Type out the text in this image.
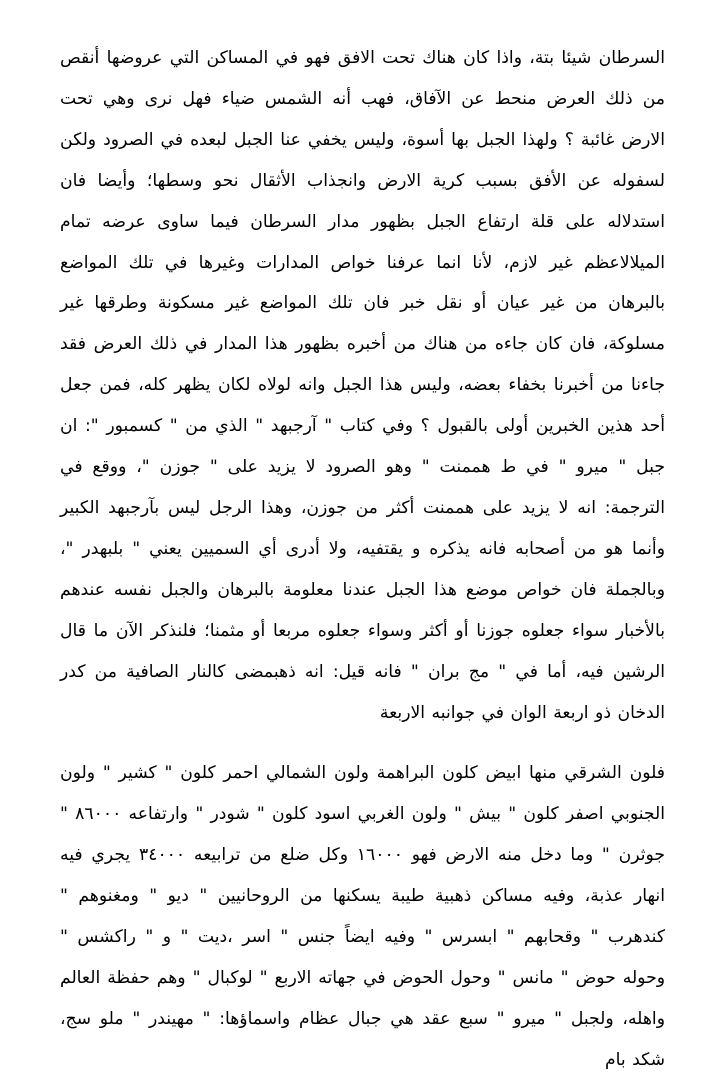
السرطان شيئا بتة، واذا كان هناك تحت الافق فهو في المساكن التي عروضها أنقص من ذلك العرض منحط عن الآفاق، فهب أنه الشمس ضياء فهل نرى وهي تحت الارض غائبة ؟ ولهذا الجبل بها أسوة، وليس يخفي عنا الجبل لبعده في الصرود ولكن لسفوله عن الأفق بسبب كرية الارض وانجذاب الأثقال نحو وسطها؛ وأيضا فان استدلاله على قلة ارتفاع الجبل بظهور مدار السرطان فيما ساوى عرضه تمام الميلالاعظم غير لازم، لأنا انما عرفنا خواص المدارات وغيرها في تلك المواضع بالبرهان من غير عيان أو نقل خبر فان تلك المواضع غير مسكونة وطرقها غير مسلوكة، فان كان جاءه من هناك من أخبره بظهور هذا المدار في ذلك العرض فقد جاءنا من أخبرنا بخفاء بعضه، وليس هذا الجبل وانه لولاه لكان يظهر كله، فمن جعل أحد هذين الخبرين أولى بالقبول ؟ وفي كتاب " آرجبهد " الذي من " كسمبور ": ان جبل " ميرو " في ط هممنت " وهو الصرود لا يزيد على " جوزن "، ووقع في الترجمة: انه لا يزيد على هممنت أكثر من جوزن، وهذا الرجل ليس بآرجبهد الكبير وأنما هو من أصحابه فانه يذكره و يقتفيه، ولا أدرى أي السميين يعني " بلبهدر "، وبالجملة فان خواص موضع هذا الجبل عندنا معلومة بالبرهان والجبل نفسه عندهم بالأخبار سواء جعلوه جوزنا أو أكثر وسواء جعلوه مربعا أو مثمنا؛ فلنذكر الآن ما قال الرشين فيه، أما في " مج بران " فانه قيل: انه ذهبمضى كالنار الصافية من كدر الدخان ذو اربعة الوان في جوانبه الاربعة

فلون الشرقي منها ابيض كلون البراهمة ولون الشمالي احمر كلون " كشير " ولون الجنوبي اصفر كلون " بيش " ولون الغربي اسود كلون " شودر " وارتفاعه ٨٦٠٠٠ " جوثرن " وما دخل منه الارض فهو ١٦٠٠٠ وكل ضلع من ترابيعه ٣٤٠٠٠ يجري فيه انهار عذبة، وفيه مساكن ذهبية طيبة يسكنها من الروحانيين " ديو " ومغنوهم " كندهرب " وقحابهم " ابسرس " وفيه ايضاً جنس " اسر ،ديت " و " راكشس " وحوله حوض " مانس " وحول الحوض في جهاته الاربع " لوكبال " وهم حفظة العالم واهله، ولجبل " ميرو " سبع عقد هي جبال عظام واسماؤها: " مهيندر " ملو سج، شكد بام
